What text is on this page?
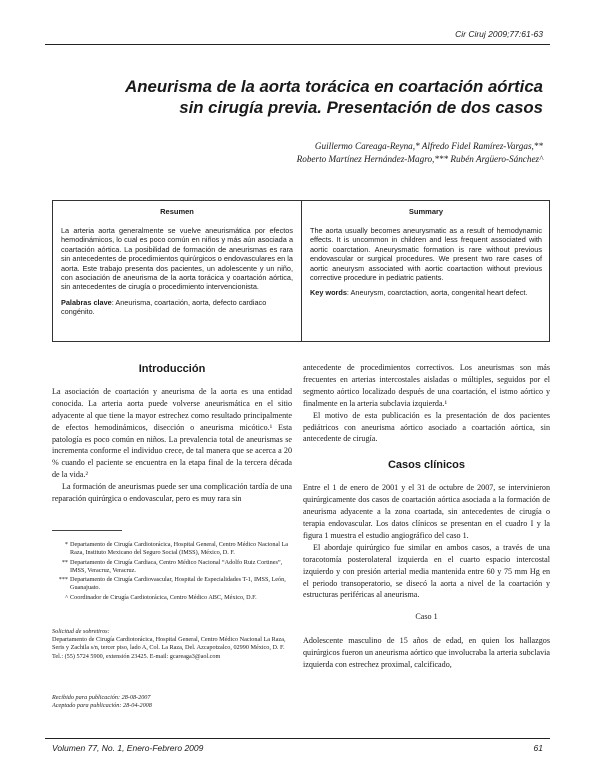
Cir Ciruj 2009;77:61-63
Aneurisma de la aorta torácica en coartación aórtica
sin cirugía previa. Presentación de dos casos
Guillermo Careaga-Reyna,* Alfredo Fidel Ramírez-Vargas,**
Roberto Martínez Hernández-Magro,*** Rubén Argüero-Sánchez^
Resumen
La arteria aorta generalmente se vuelve aneurismática por efectos hemodinámicos, lo cual es poco común en niños y más aún asociada a coartación aórtica. La posibilidad de formación de aneurismas es rara sin antecedentes de procedimientos quirúrgicos o endovasculares en la aorta. Este trabajo presenta dos pacientes, un adolescente y un niño, con asociación de aneurisma de la aorta torácica y coartación aórtica, sin antecedentes de cirugía o procedimiento intervencionista.
Palabras clave: Aneurisma, coartación, aorta, defecto cardiaco congénito.
Summary
The aorta usually becomes aneurysmatic as a result of hemodynamic effects. It is uncommon in children and less frequent associated with aortic coarctation. Aneurysmatic formation is rare without previous endovascular or surgical procedures. We present two rare cases of aortic aneurysm associated with aortic coartaction without previous corrective procedure in pediatric patients.
Key words: Aneurysm, coarctaction, aorta, congenital heart defect.
Introducción

La asociación de coartación y aneurisma de la aorta es una entidad conocida. La arteria aorta puede volverse aneurismática en el sitio adyacente al que tiene la mayor estrechez como resultado principalmente de efectos hemodinámicos, disección o aneurisma micótico.¹ Esta patología es poco común en niños. La prevalencia total de aneurismas se incrementa conforme el individuo crece, de tal manera que se acerca a 20 % cuando el paciente se encuentra en la etapa final de la tercera década de la vida.²

La formación de aneurismas puede ser una complicación tardía de una reparación quirúrgica o endovascular, pero es muy rara sin

antecedente de procedimientos correctivos. Los aneurismas son más frecuentes en arterias intercostales aisladas o múltiples, seguidos por el segmento aórtico localizado después de una coartación, el istmo aórtico y finalmente en la arteria subclavia izquierda.¹

El motivo de esta publicación es la presentación de dos pacientes pediátricos con aneurisma aórtico asociado a coartación aórtica, sin antecedente de cirugía.

Casos clínicos

Entre el 1 de enero de 2001 y el 31 de octubre de 2007, se intervinieron quirúrgicamente dos casos de coartación aórtica asociada a la formación de aneurisma adyacente a la zona coartada, sin antecedentes de cirugía o terapia endovascular. Los datos clínicos se presentan en el cuadro I y la figura 1 muestra el estudio angiográfico del caso 1.

El abordaje quirúrgico fue similar en ambos casos, a través de una toracotomía posterolateral izquierda en el cuarto espacio intercostal izquierdo y con presión arterial media mantenida entre 60 y 75 mm Hg en el periodo transoperatorio, se disecó la aorta a nivel de la coartación y estructuras periféricas al aneurisma.

Caso 1

Adolescente masculino de 15 años de edad, en quien los hallazgos quirúrgicos fueron un aneurisma aórtico que involucraba la arteria subclavia izquierda con estrechez proximal, calcificado,

* Departamento de Cirugía Cardiotorácica, Hospital General, Centro Médico Nacional La Raza, Instituto Mexicano del Seguro Social (IMSS), México, D. F.
** Departamento de Cirugía Cardiaca, Centro Médico Nacional “Adolfo Ruiz Cortines”, IMSS, Veracruz, Veracruz.
*** Departamento de Cirugía Cardiovascular, Hospital de Especialidades T-1, IMSS, León, Guanajuato.
^ Coordinador de Cirugía Cardiotorácica, Centro Médico ABC, México, D.F.
Solicitud de sobretiros:
Departamento de Cirugía Cardiotorácica, Hospital General, Centro Médico Nacional La Raza, Seris y Zachila s/n, tercer piso, lado A, Col. La Raza, Del. Azcapotzalco, 02990 México, D. F.
Tel.: (55) 5724 5900, extensión 23425. E-mail: gcareaga3@aol.com
Recibido para publicación: 28-08-2007
Aceptado para publicación: 28-04-2008
Volumen 77, No. 1, Enero-Febrero 2009	61
